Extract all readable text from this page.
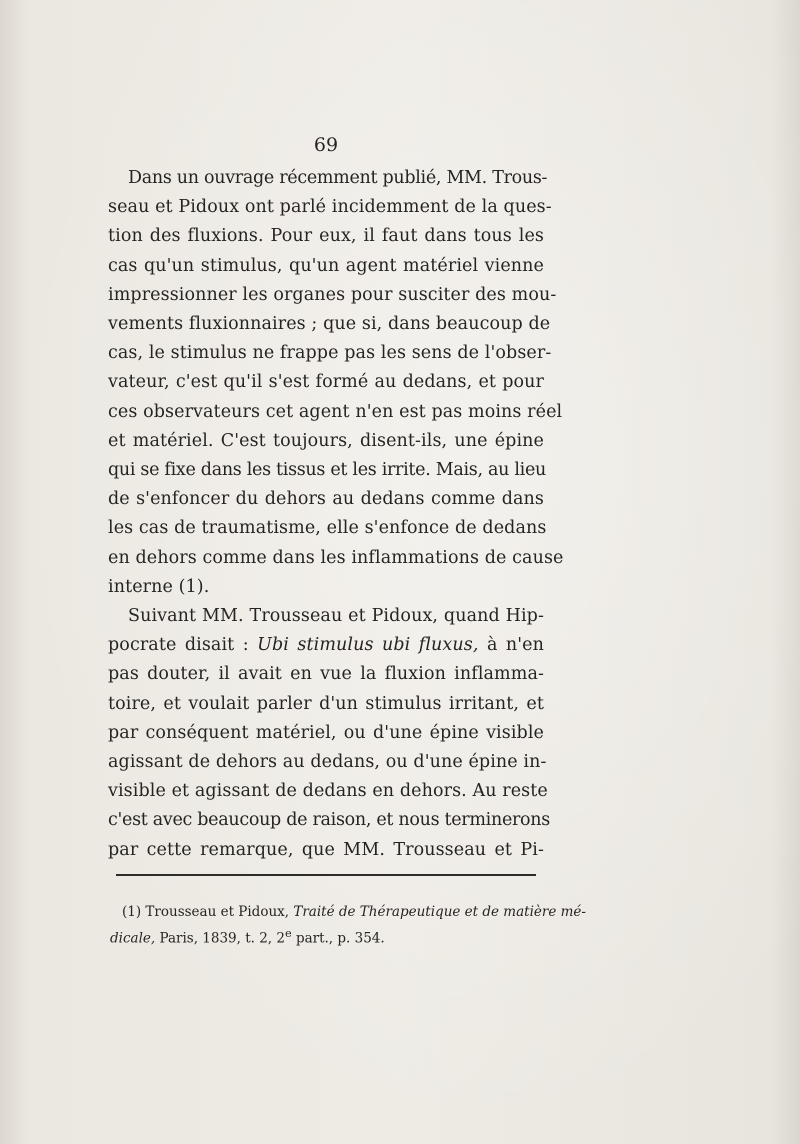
69
Dans un ouvrage récemment publié, MM. Trous-
seau et Pidoux ont parlé incidemment de la ques-
tion des fluxions. Pour eux, il faut dans tous les
cas qu'un stimulus, qu'un agent matériel vienne
impressionner les organes pour susciter des mou-
vements fluxionnaires ; que si, dans beaucoup de
cas, le stimulus ne frappe pas les sens de l'obser-
vateur, c'est qu'il s'est formé au dedans, et pour
ces observateurs cet agent n'en est pas moins réel
et matériel. C'est toujours, disent-ils, une épine
qui se fixe dans les tissus et les irrite. Mais, au lieu
de s'enfoncer du dehors au dedans comme dans
les cas de traumatisme, elle s'enfonce de dedans
en dehors comme dans les inflammations de cause
interne (1).
Suivant MM. Trousseau et Pidoux, quand Hip-
pocrate disait : Ubi stimulus ubi fluxus, à n'en
pas douter, il avait en vue la fluxion inflamma-
toire, et voulait parler d'un stimulus irritant, et
par conséquent matériel, ou d'une épine visible
agissant de dehors au dedans, ou d'une épine in-
visible et agissant de dedans en dehors. Au reste
c'est avec beaucoup de raison, et nous terminerons
par cette remarque, que MM. Trousseau et Pi-
(1) Trousseau et Pidoux, Traité de Thérapeutique et de matière mé-
dicale, Paris, 1839, t. 2, 2e part., p. 354.
